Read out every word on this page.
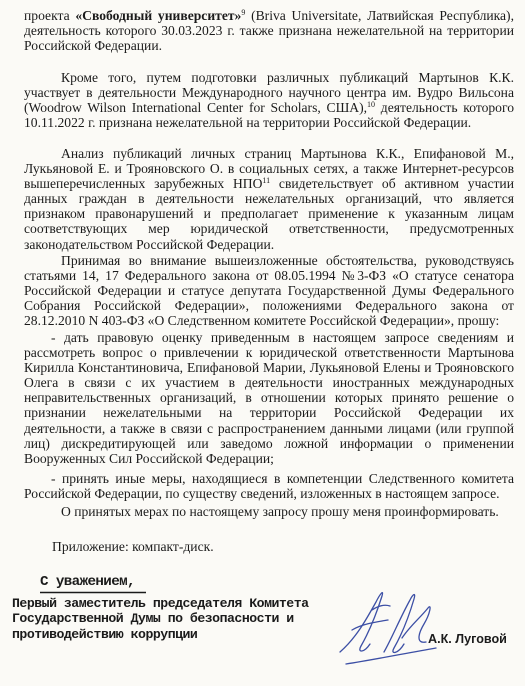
проекта «Свободный университет»$^9$ (Briva Universitate, Латвийская Республика), деятельность которого 30.03.2023 г. также признана нежелательной на территории Российской Федерации.

Кроме того, путем подготовки различных публикаций Мартынов К.К. участвует в деятельности Международного научного центра им. Вудро Вильсона (Woodrow Wilson International Center for Scholars, США),$^{10}$ деятельность которого 10.11.2022 г. признана нежелательной на территории Российской Федерации.

Анализ публикаций личных страниц Мартынова К.К., Епифановой М., Лукьяновой Е. и Трояновского О. в социальных сетях, а также Интернет-ресурсов вышеперечисленных зарубежных НПО$^{11}$ свидетельствует об активном участии данных граждан в деятельности нежелательных организаций, что является признаком правонарушений и предполагает применение к указанным лицам соответствующих мер юридической ответственности, предусмотренных законодательством Российской Федерации.

Принимая во внимание вышеизложенные обстоятельства, руководствуясь статьями 14, 17 Федерального закона от 08.05.1994 №3-ФЗ «О статусе сенатора Российской Федерации и статусе депутата Государственной Думы Федерального Собрания Российской Федерации», положениями Федерального закона от 28.12.2010 N 403-ФЗ «О Следственном комитете Российской Федерации», прошу:

- дать правовую оценку приведенным в настоящем запросе сведениям и рассмотреть вопрос о привлечении к юридической ответственности Мартынова Кирилла Константиновича, Епифановой Марии, Лукьяновой Елены и Трояновского Олега в связи с их участием в деятельности иностранных международных неправительственных организаций, в отношении которых принято решение о признании нежелательными на территории Российской Федерации их деятельности, а также в связи с распространением данными лицами (или группой лиц) дискредитирующей или заведомо ложной информации о применении Вооруженных Сил Российской Федерации;

- принять иные меры, находящиеся в компетенции Следственного комитета Российской Федерации, по существу сведений, изложенных в настоящем запросе.

О принятых мерах по настоящему запросу прошу меня проинформировать.

Приложение: компакт-диск.

С уважением,

Первый заместитель председателя Комитета Государственной Думы по безопасности и противодействию коррупции	А.К. Луговой
